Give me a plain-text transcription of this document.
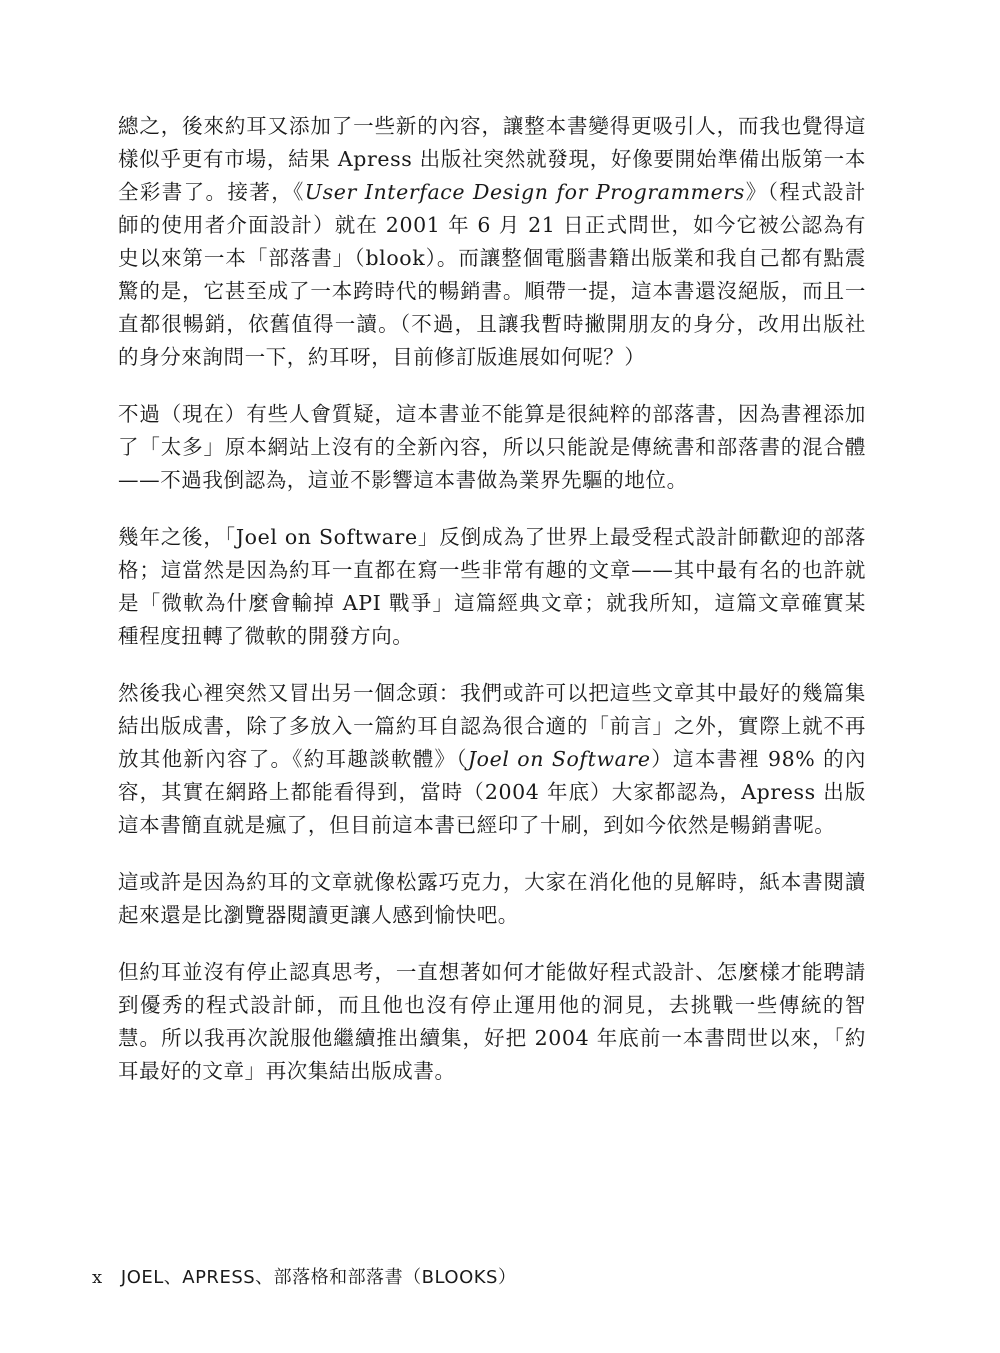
總之，後來約耳又添加了一些新的內容，讓整本書變得更吸引人，而我也覺得這樣似乎更有市場，結果 Apress 出版社突然就發現，好像要開始準備出版第一本全彩書了。接著，《User Interface Design for Programmers》（程式設計師的使用者介面設計）就在 2001 年 6 月 21 日正式問世，如今它被公認為有史以來第一本「部落書」（blook）。而讓整個電腦書籍出版業和我自己都有點震驚的是，它甚至成了一本跨時代的暢銷書。順帶一提，這本書還沒絕版，而且一直都很暢銷，依舊值得一讀。（不過，且讓我暫時撇開朋友的身分，改用出版社的身分來詢問一下，約耳呀，目前修訂版進展如何呢？）

不過（現在）有些人會質疑，這本書並不能算是很純粹的部落書，因為書裡添加了「太多」原本網站上沒有的全新內容，所以只能說是傳統書和部落書的混合體——不過我倒認為，這並不影響這本書做為業界先驅的地位。

幾年之後，「Joel on Software」反倒成為了世界上最受程式設計師歡迎的部落格；這當然是因為約耳一直都在寫一些非常有趣的文章——其中最有名的也許就是「微軟為什麼會輸掉 API 戰爭」這篇經典文章；就我所知，這篇文章確實某種程度扭轉了微軟的開發方向。

然後我心裡突然又冒出另一個念頭：我們或許可以把這些文章其中最好的幾篇集結出版成書，除了多放入一篇約耳自認為很合適的「前言」之外，實際上就不再放其他新內容了。《約耳趣談軟體》（Joel on Software）這本書裡 98% 的內容，其實在網路上都能看得到，當時（2004 年底）大家都認為，Apress 出版這本書簡直就是瘋了，但目前這本書已經印了十刷，到如今依然是暢銷書呢。

這或許是因為約耳的文章就像松露巧克力，大家在消化他的見解時，紙本書閱讀起來還是比瀏覽器閱讀更讓人感到愉快吧。

但約耳並沒有停止認真思考，一直想著如何才能做好程式設計、怎麼樣才能聘請到優秀的程式設計師，而且他也沒有停止運用他的洞見，去挑戰一些傳統的智慧。所以我再次說服他繼續推出續集，好把 2004 年底前一本書問世以來，「約耳最好的文章」再次集結出版成書。

x JOEL、APRESS、部落格和部落書（BLOOKS）
